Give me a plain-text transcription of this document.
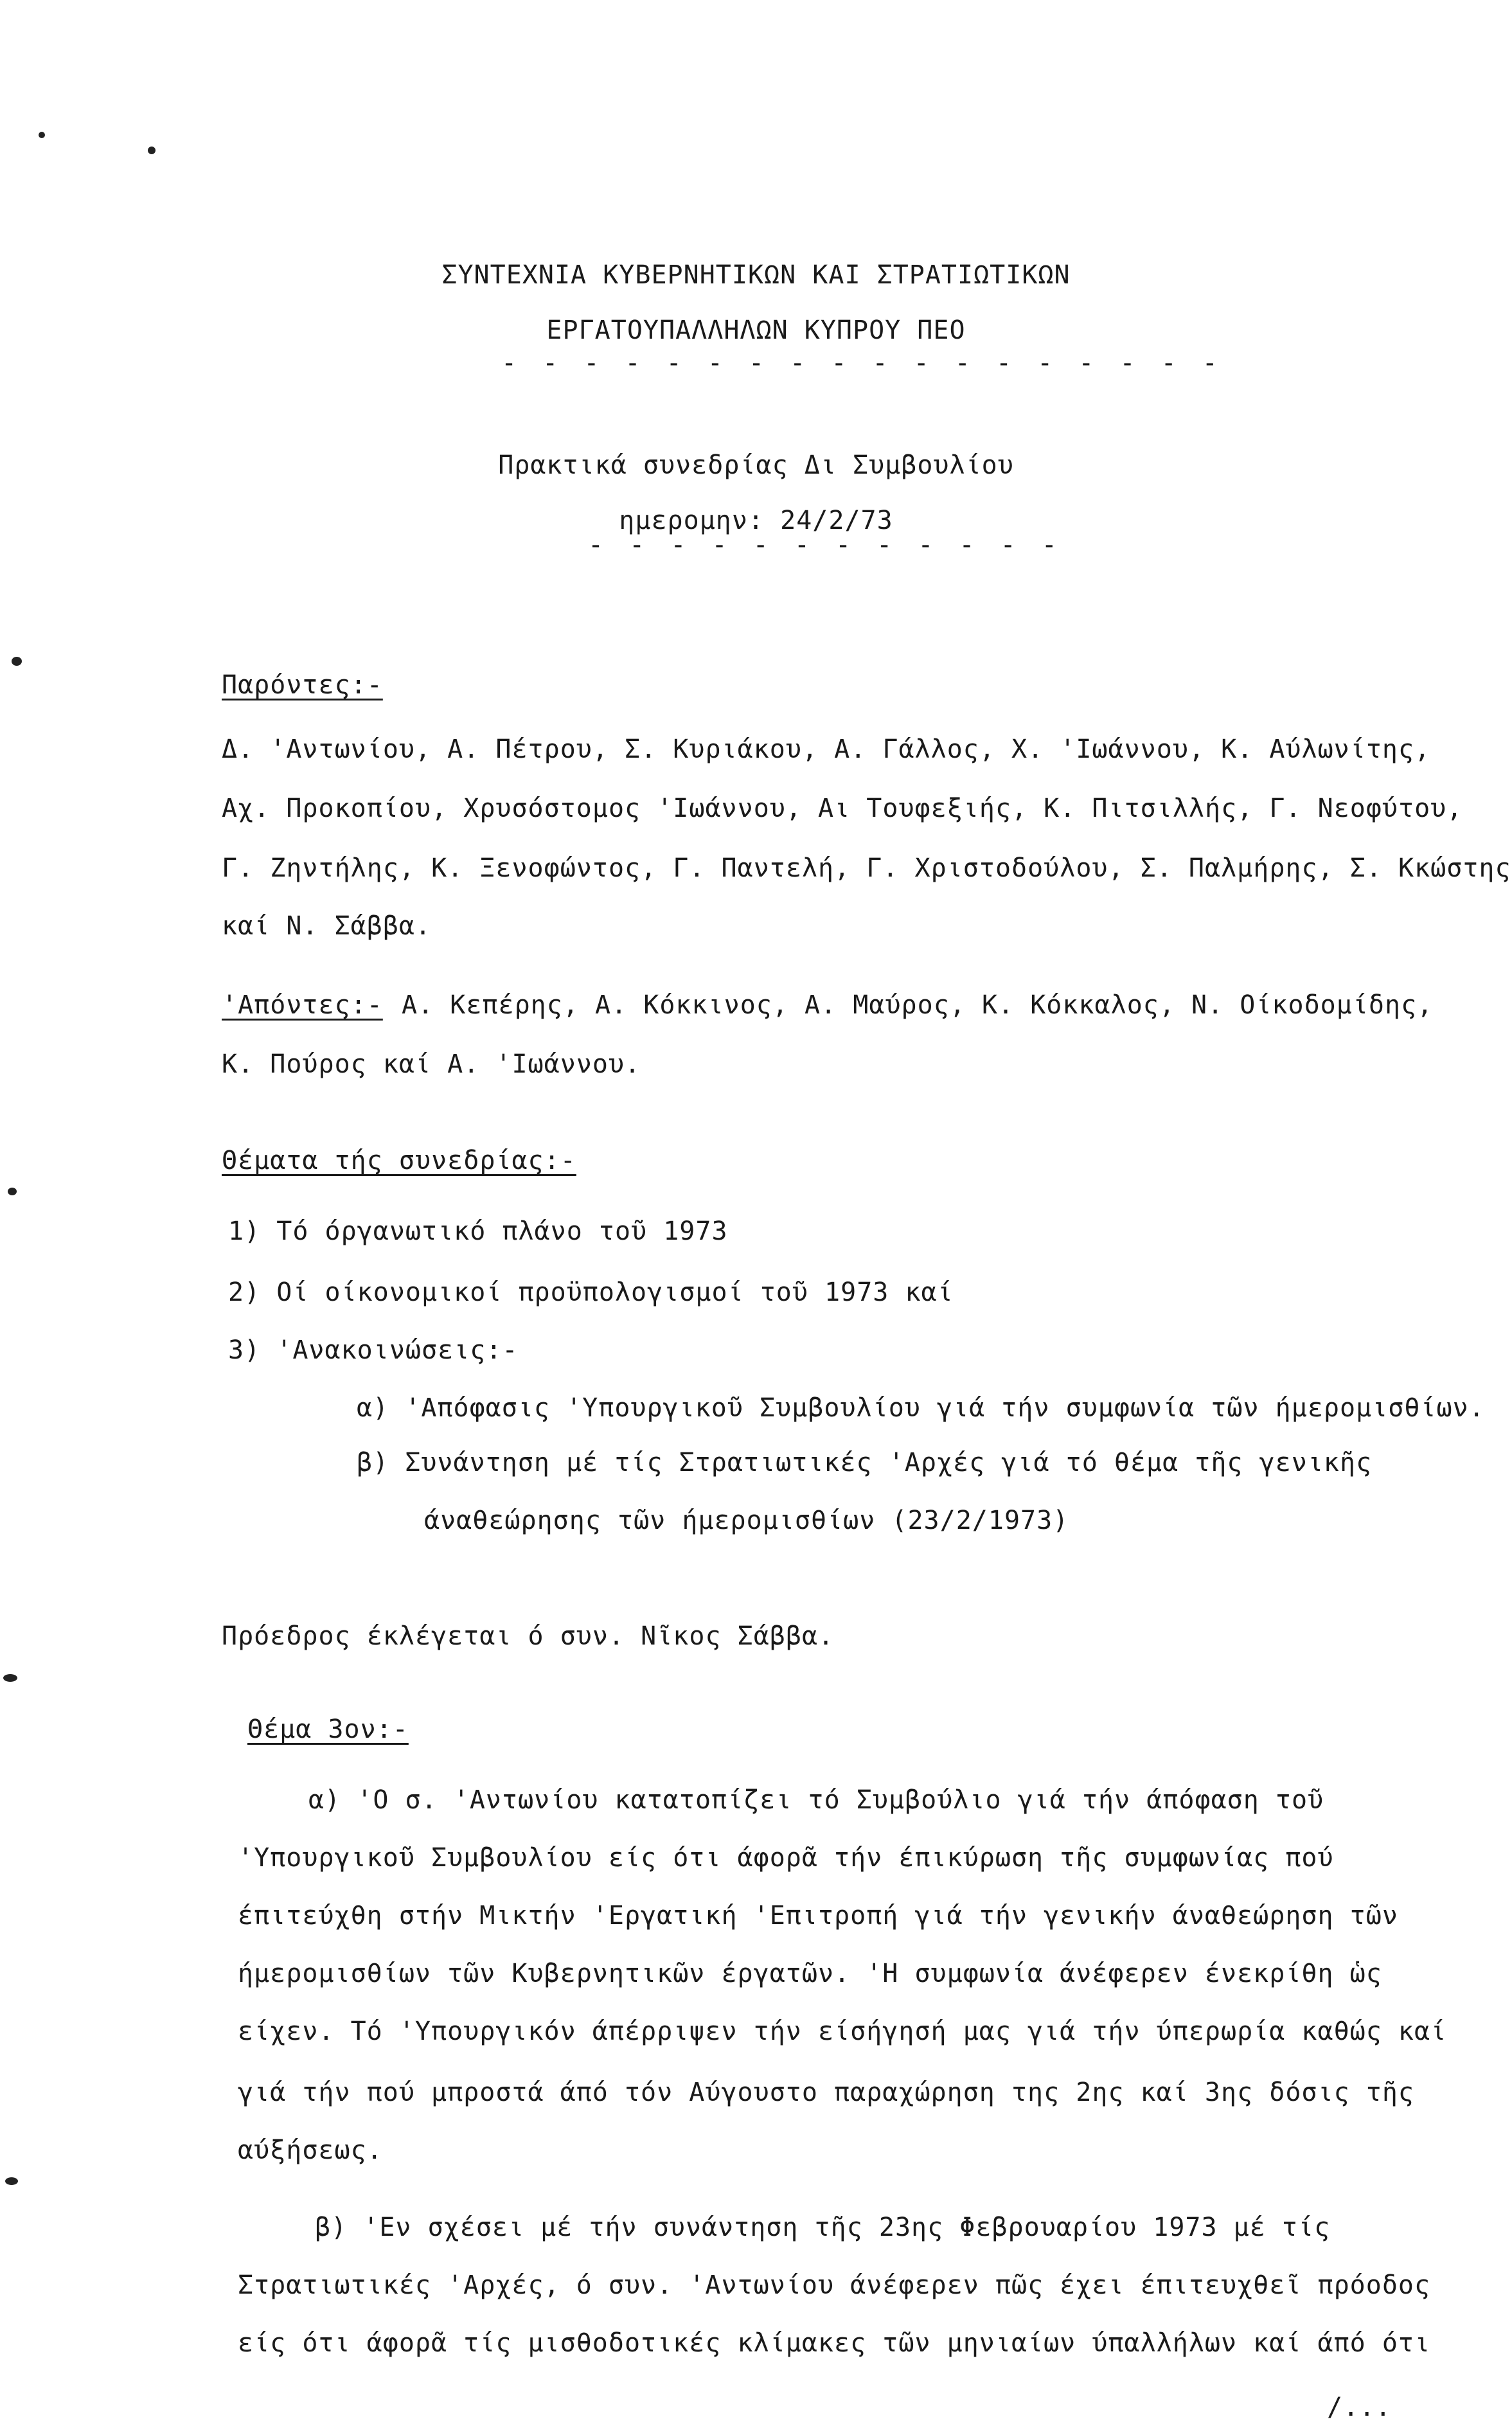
ΣΥΝΤΕΧΝΙΑ ΚΥΒΕΡΝΗΤΙΚΩΝ ΚΑΙ ΣΤΡΑΤΙΩΤΙΚΩΝ
ΕΡΓΑΤΟΥΠΑΛΛΗΛΩΝ ΚΥΠΡΟΥ ΠΕΟ
- - - - - - - - - - - - - - - - - -
Πρακτικά συνεδρίας Δι Συμβουλίου
ημερομην: 24/2/73
- - - - - - - - - - - -
Παρόντες:-
Δ. 'Αντωνίου, Α. Πέτρου, Σ. Κυριάκου, Α. Γάλλος, Χ. 'Ιωάννου, Κ. Αύλωνίτης,
Αχ. Προκοπίου, Χρυσόστομος 'Ιωάννου, Αι Τουφεξιής, Κ. Πιτσιλλής, Γ. Νεοφύτου,
Γ. Ζηντήλης, Κ. Ξενοφώντος, Γ. Παντελή, Γ. Χριστοδούλου, Σ. Παλμήρης, Σ. Κκώστης
καί Ν. Σάββα.
'Απόντες:- Α. Κεπέρης, Α. Κόκκινος, Α. Μαύρος, Κ. Κόκκαλος, Ν. Οίκοδομίδης,
Κ. Πούρος καί Α. 'Ιωάννου.
Θέματα τής συνεδρίας:-
1) Τό όργανωτικό πλάνο τοῦ 1973
2) Οί οίκονομικοί προϋπολογισμοί τοῦ 1973 καί
3) 'Ανακοινώσεις:-
α) 'Απόφασις 'Υπουργικοῦ Συμβουλίου γιά τήν συμφωνία τῶν ήμερομισθίων.
β) Συνάντηση μέ τίς Στρατιωτικές 'Αρχές γιά τό θέμα τῆς γενικῆς
άναθεώρησης τῶν ήμερομισθίων (23/2/1973)
Πρόεδρος έκλέγεται ό συν. Νῖκος Σάββα.
Θέμα 3ον:-
α) 'Ο σ. 'Αντωνίου κατατοπίζει τό Συμβούλιο γιά τήν άπόφαση τοῦ
'Υπουργικοῦ Συμβουλίου είς ότι άφορᾶ τήν έπικύρωση τῆς συμφωνίας πού
έπιτεύχθη στήν Μικτήν 'Εργατική 'Επιτροπή γιά τήν γενικήν άναθεώρηση τῶν
ήμερομισθίων τῶν Κυβερνητικῶν έργατῶν. 'Η συμφωνία άνέφερεν ένεκρίθη ὡς
είχεν. Τό 'Υπουργικόν άπέρριψεν τήν είσήγησή μας γιά τήν ύπερωρία καθώς καί
γιά τήν πού μπροστά άπό τόν Αύγουστο παραχώρηση της 2ης καί 3ης δόσις τῆς
αύξήσεως.
β) 'Εν σχέσει μέ τήν συνάντηση τῆς 23ης Φεβρουαρίου 1973 μέ τίς
Στρατιωτικές 'Αρχές, ό συν. 'Αντωνίου άνέφερεν πῶς έχει έπιτευχθεῖ πρόοδος
είς ότι άφορᾶ τίς μισθοδοτικές κλίμακες τῶν μηνιαίων ύπαλλήλων καί άπό ότι
/...
